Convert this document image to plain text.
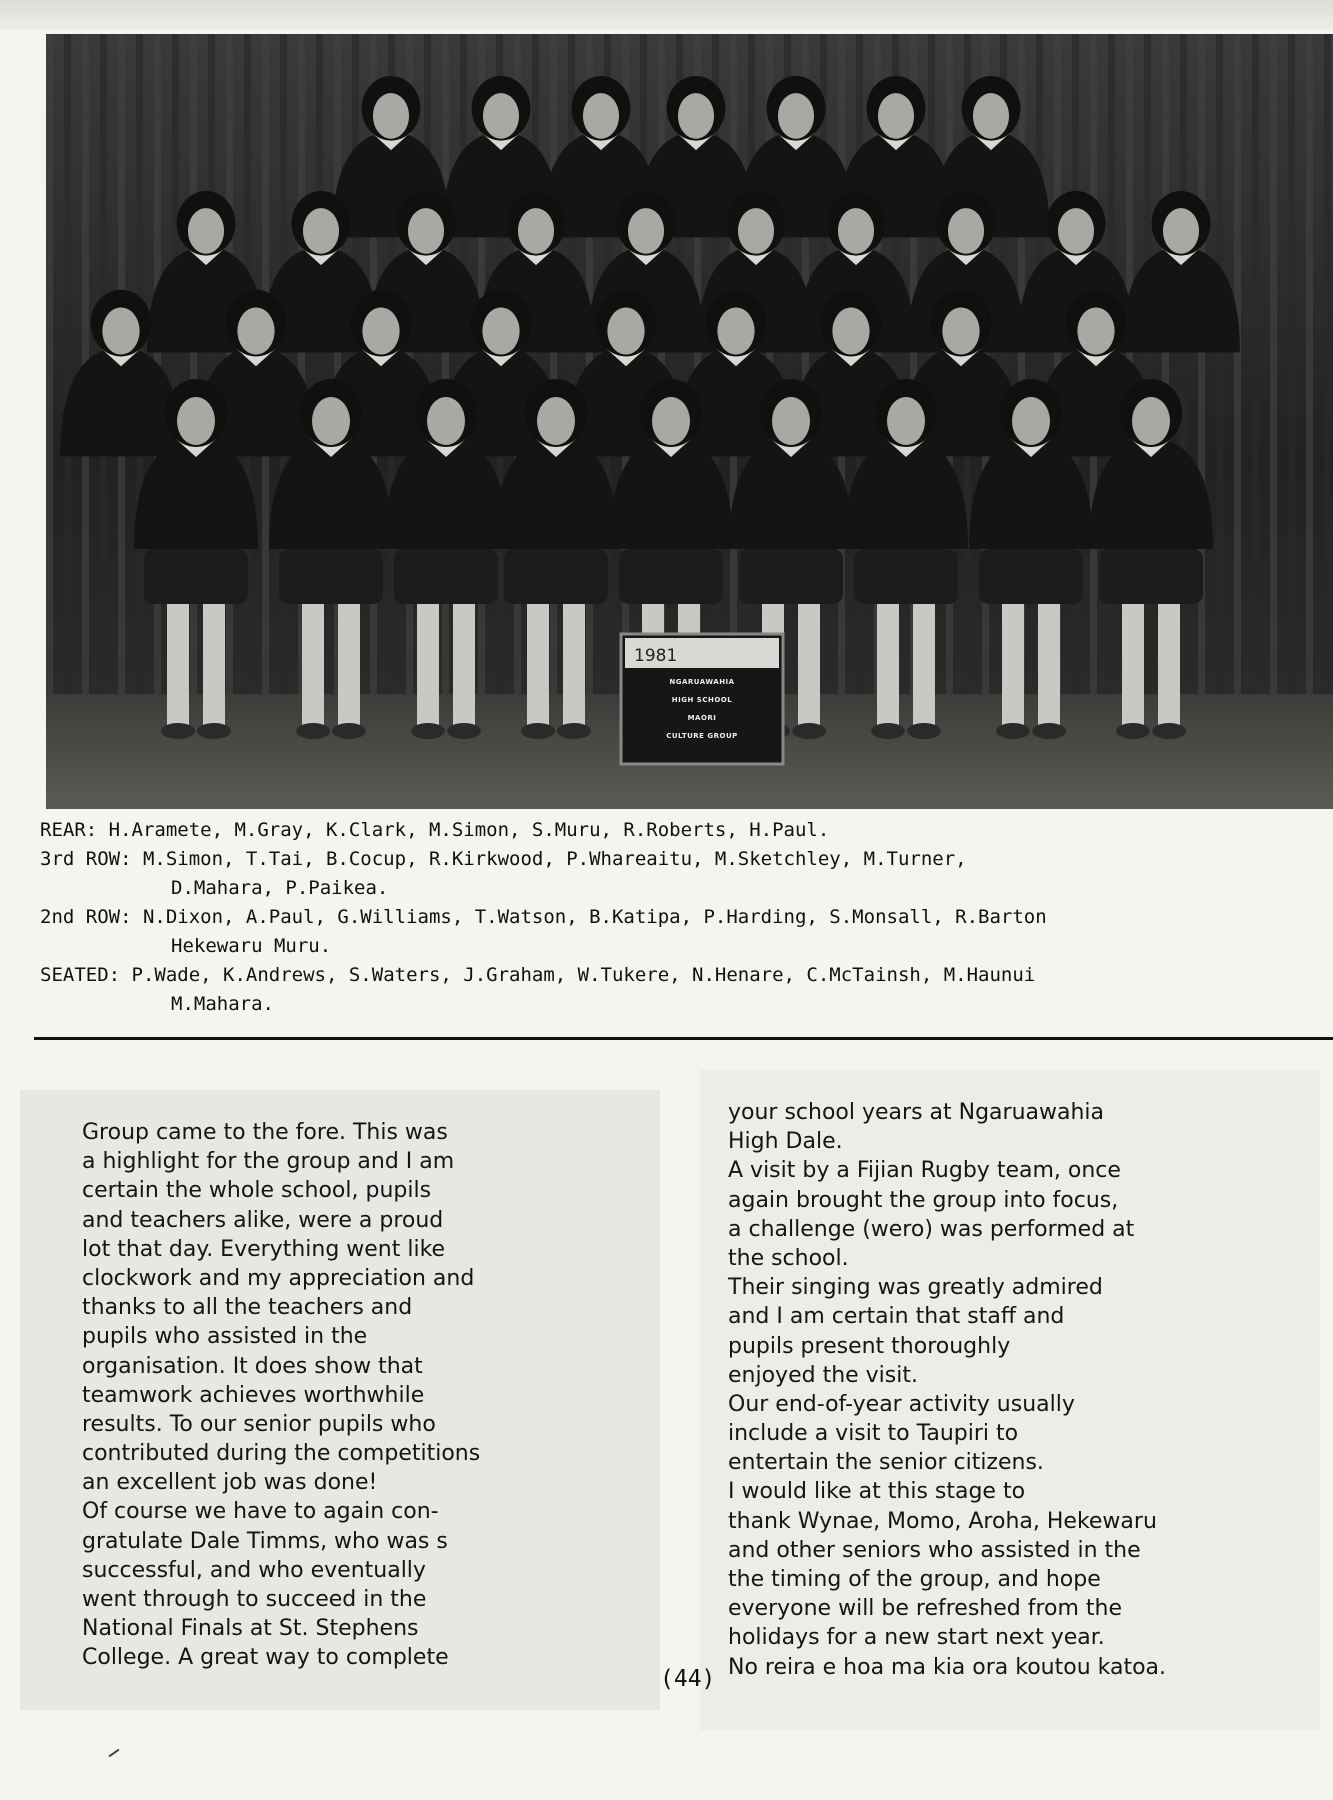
1981
NGARUAWAHIA
HIGH SCHOOL
MAORI
CULTURE GROUP
REAR:
H.Aramete, M.Gray, K.Clark, M.Simon, S.Muru, R.Roberts, H.Paul.
3rd ROW:
M.Simon, T.Tai, B.Cocup, R.Kirkwood, P.Whareaitu, M.Sketchley, M.Turner,
D.Mahara, P.Paikea.
2nd ROW:
N.Dixon, A.Paul, G.Williams, T.Watson, B.Katipa, P.Harding, S.Monsall, R.Barton
Hekewaru Muru.
SEATED:
P.Wade, K.Andrews, S.Waters, J.Graham, W.Tukere, N.Henare, C.McTainsh, M.Haunui
M.Mahara.
Group came to the fore. This was
a highlight for the group and I am
certain the whole school, pupils
and teachers alike, were a proud
lot that day. Everything went like
clockwork and my appreciation and
thanks to all the teachers and
pupils who assisted in the
organisation. It does show that
teamwork achieves worthwhile
results. To our senior pupils who
contributed during the competitions
an excellent job was done!
Of course we have to again con-
gratulate Dale Timms, who was s
successful, and who eventually
went through to succeed in the
National Finals at St. Stephens
College. A great way to complete
your school years at Ngaruawahia
High Dale.
A visit by a Fijian Rugby team, once
again brought the group into focus,
a challenge (wero) was performed at
the school.
Their singing was greatly admired
and I am certain that staff and
pupils present thoroughly
enjoyed the visit.
Our end-of-year activity usually
include a visit to Taupiri to
entertain the senior citizens.
I would like at this stage to
thank Wynae, Momo, Aroha, Hekewaru
and other seniors who assisted in the
the timing of the group, and hope
everyone will be refreshed from the
holidays for a new start next year.
No reira e hoa ma kia ora koutou katoa.
(44)
